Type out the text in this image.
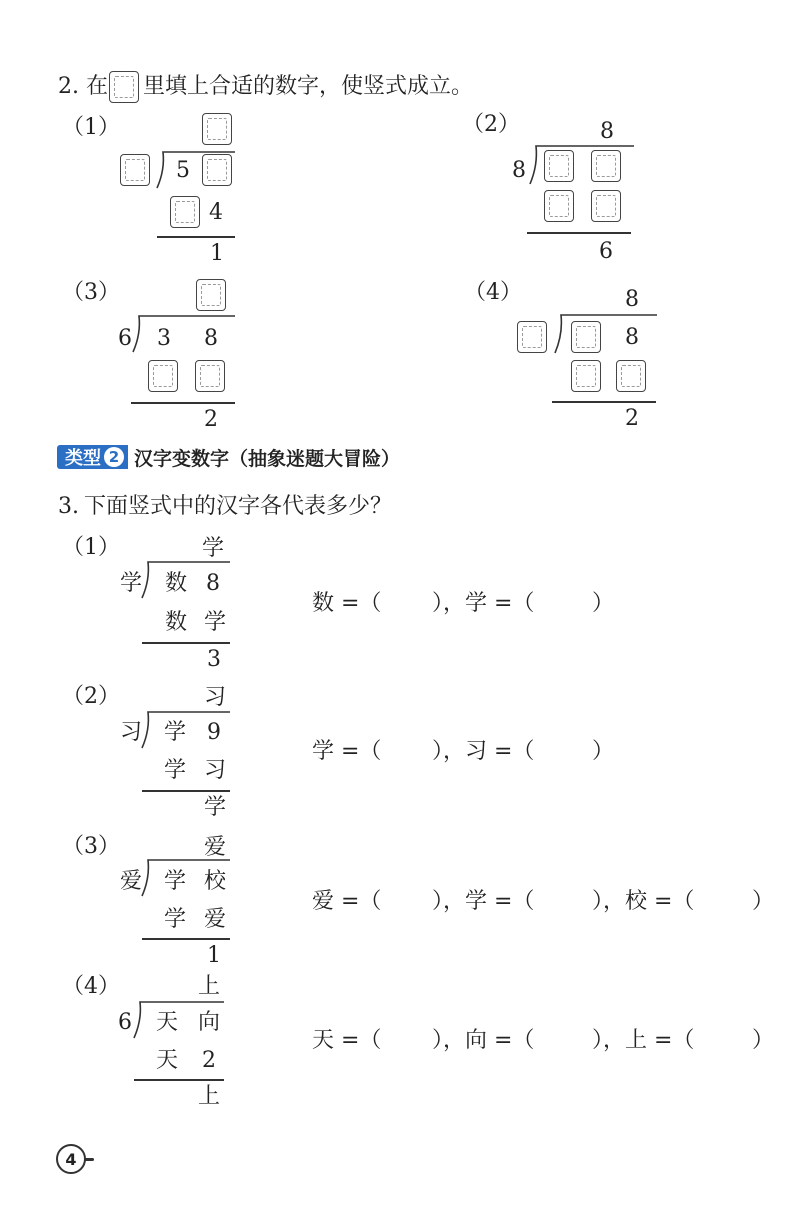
2. 在 里填上合适的数字，使竖式成立。
（1）
5
4
1
（2）	8
8
6
（3）
6 3 8
2
（4）	8
8
2
类型 2 汉字变数字（抽象迷题大冒险）
3. 下面竖式中的汉字各代表多少？
（1）	学
学 数 8
数 学
3
数 =（ ），学 =（	）
（2）	习
习 学 9
学 习
学
学 =（ ），习 =（	）
（3）	爱
爱 学 校
学 爱
1
爱 =（ ），学 =（	），校 =（	）
（4）	上
6 天 向
天 2
上
天 =（ ），向 =（	），上 =（	）
4
